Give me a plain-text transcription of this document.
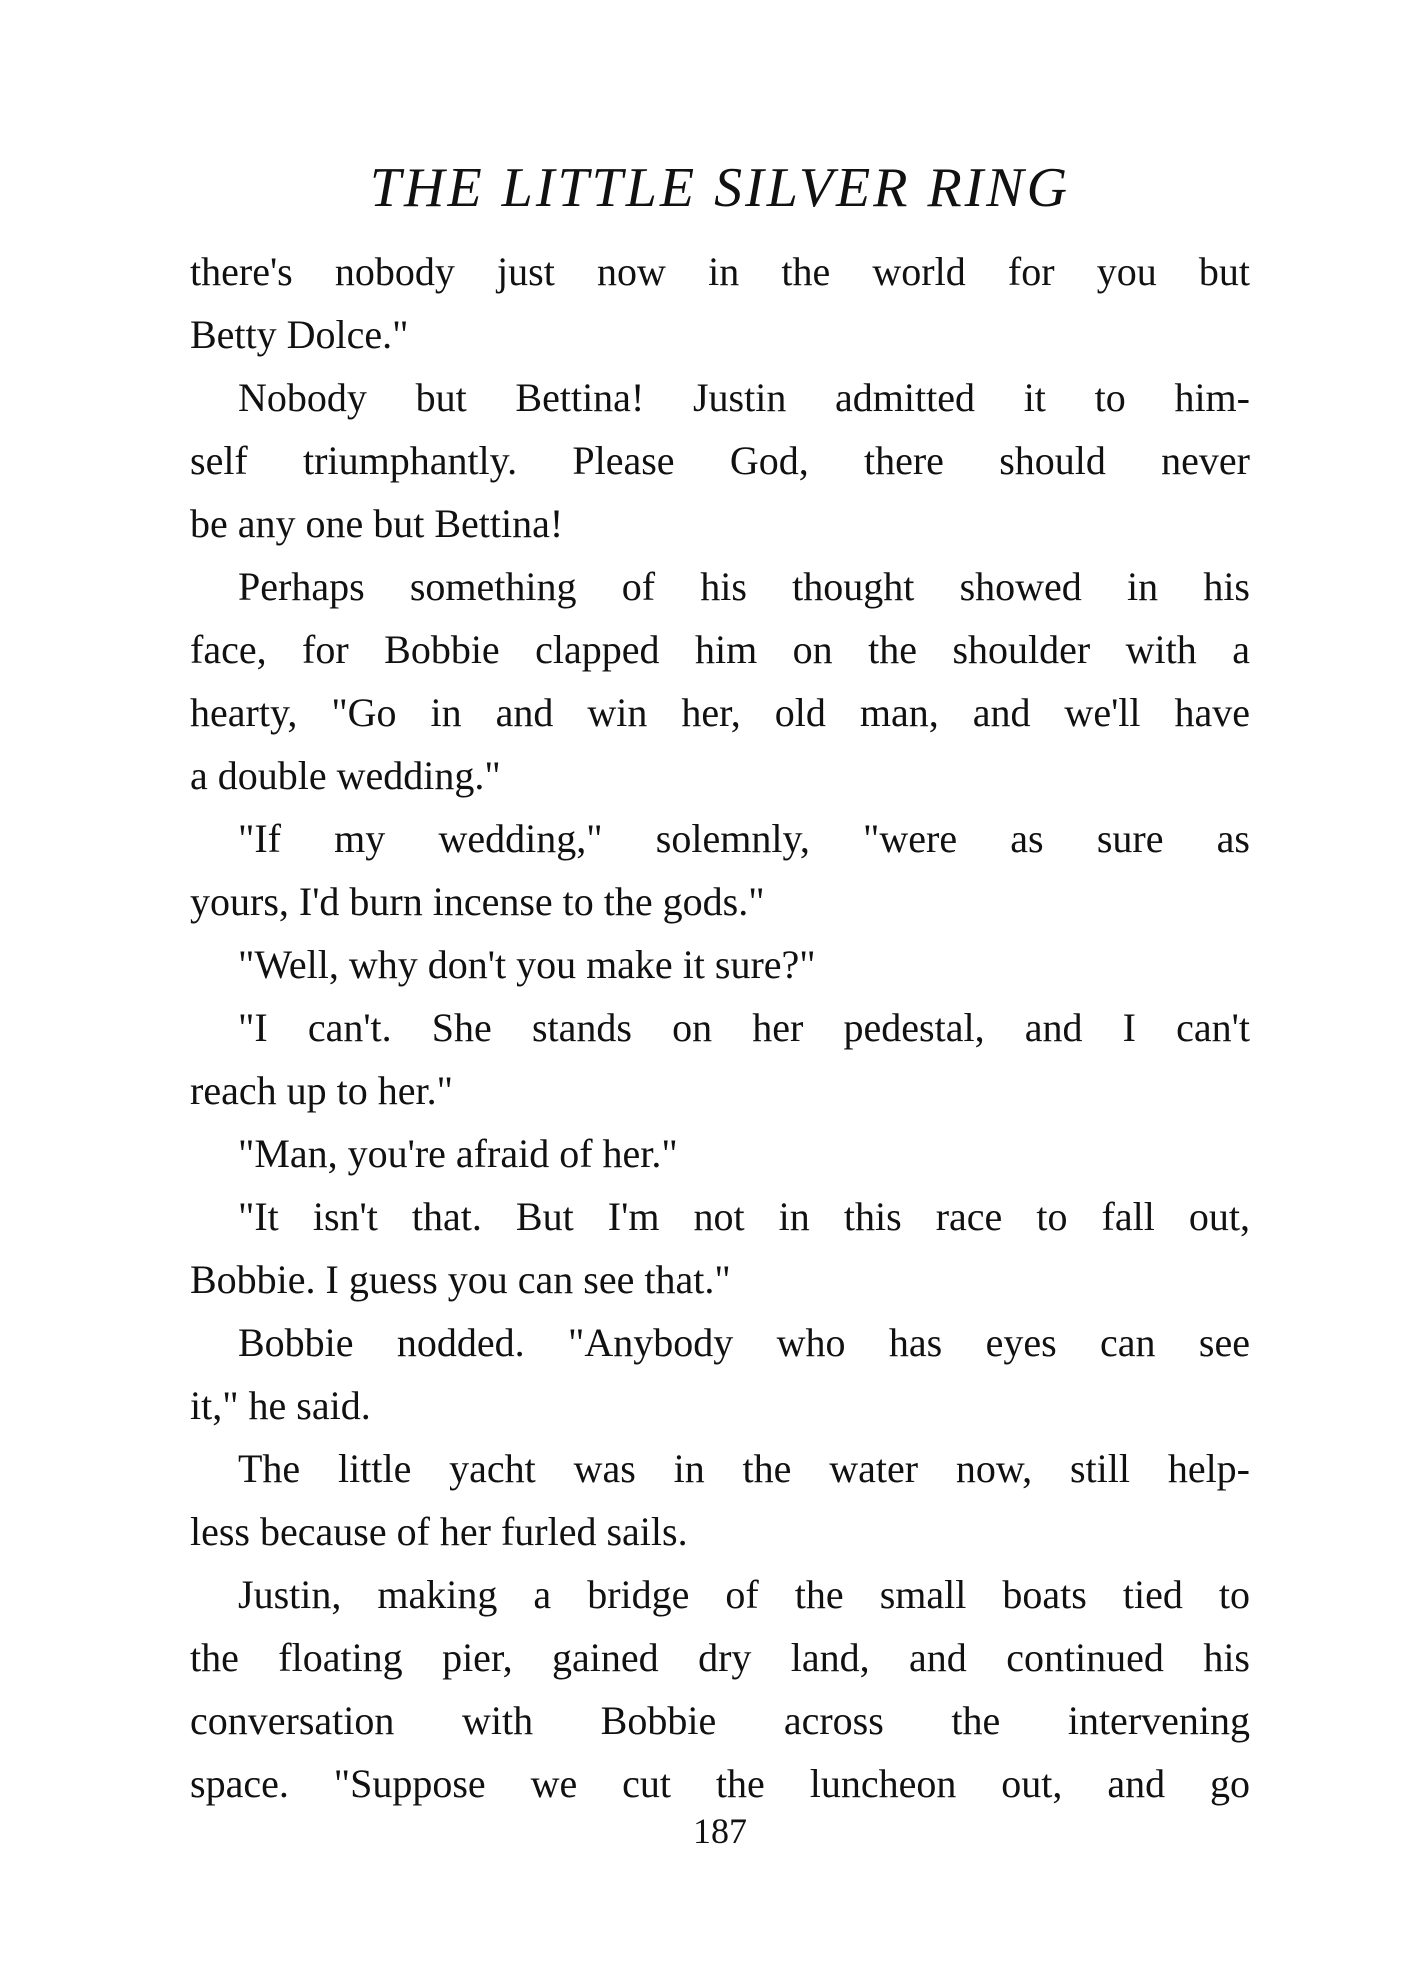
THE LITTLE SILVER RING
there's nobody just now in the world for you but
Betty Dolce."
Nobody but Bettina! Justin admitted it to him-
self triumphantly. Please God, there should never
be any one but Bettina!
Perhaps something of his thought showed in his
face, for Bobbie clapped him on the shoulder with a
hearty, "Go in and win her, old man, and we'll have
a double wedding."
"If my wedding," solemnly, "were as sure as
yours, I'd burn incense to the gods."
"Well, why don't you make it sure?"
"I can't. She stands on her pedestal, and I can't
reach up to her."
"Man, you're afraid of her."
"It isn't that. But I'm not in this race to fall out,
Bobbie. I guess you can see that."
Bobbie nodded. "Anybody who has eyes can see
it," he said.
The little yacht was in the water now, still help-
less because of her furled sails.
Justin, making a bridge of the small boats tied to
the floating pier, gained dry land, and continued his
conversation with Bobbie across the intervening
space. "Suppose we cut the luncheon out, and go
187
